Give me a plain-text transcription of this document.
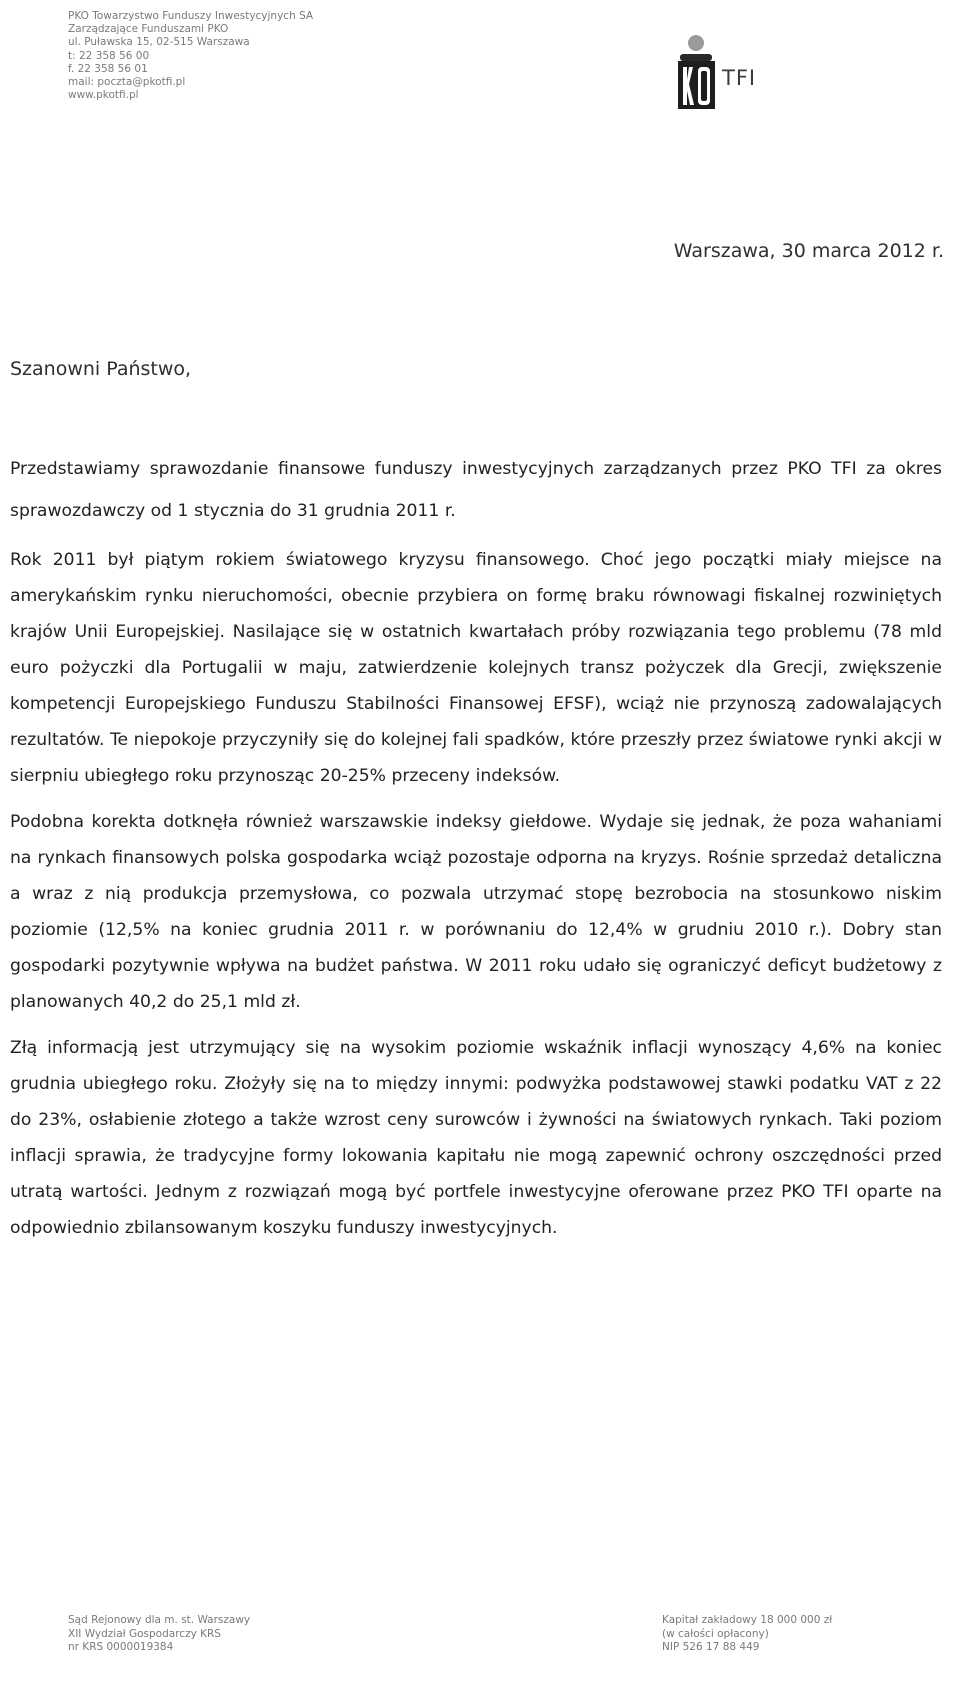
PKO Towarzystwo Funduszy Inwestycyjnych SA
Zarządzające Funduszami PKO
ul. Puławska 15, 02-515 Warszawa
t: 22 358 56 00
f. 22 358 56 01
mail: poczta@pkotfi.pl
www.pkotfi.pl
TFI
Warszawa, 30 marca 2012 r.
Szanowni Państwo,

Przedstawiamy sprawozdanie finansowe funduszy inwestycyjnych zarządzanych przez PKO TFI za okres sprawozdawczy od 1 stycznia do 31 grudnia 2011 r.

Rok 2011 był piątym rokiem światowego kryzysu finansowego. Choć jego początki miały miejsce na amerykańskim rynku nieruchomości, obecnie przybiera on formę braku równowagi fiskalnej rozwiniętych krajów Unii Europejskiej. Nasilające się w ostatnich kwartałach próby rozwiązania tego problemu (78 mld euro pożyczki dla Portugalii w maju, zatwierdzenie kolejnych transz pożyczek dla Grecji, zwiększenie kompetencji Europejskiego Funduszu Stabilności Finansowej EFSF), wciąż nie przynoszą zadowalających rezultatów. Te niepokoje przyczyniły się do kolejnej fali spadków, które przeszły przez światowe rynki akcji w sierpniu ubiegłego roku przynosząc 20-25% przeceny indeksów.

Podobna korekta dotknęła również warszawskie indeksy giełdowe. Wydaje się jednak, że poza wahaniami na rynkach finansowych polska gospodarka wciąż pozostaje odporna na kryzys. Rośnie sprzedaż detaliczna a wraz z nią produkcja przemysłowa, co pozwala utrzymać stopę bezrobocia na stosunkowo niskim poziomie (12,5% na koniec grudnia 2011 r. w porównaniu do 12,4% w grudniu 2010 r.). Dobry stan gospodarki pozytywnie wpływa na budżet państwa. W 2011 roku udało się ograniczyć deficyt budżetowy z planowanych 40,2 do 25,1 mld zł.

Złą informacją jest utrzymujący się na wysokim poziomie wskaźnik inflacji wynoszący 4,6% na koniec grudnia ubiegłego roku. Złożyły się na to między innymi: podwyżka podstawowej stawki podatku VAT z 22 do 23%, osłabienie złotego a także wzrost ceny surowców i żywności na światowych rynkach. Taki poziom inflacji sprawia, że tradycyjne formy lokowania kapitału nie mogą zapewnić ochrony oszczędności przed utratą wartości. Jednym z rozwiązań mogą być portfele inwestycyjne oferowane przez PKO TFI oparte na odpowiednio zbilansowanym koszyku funduszy inwestycyjnych.

Sąd Rejonowy dla m. st. Warszawy
XII Wydział Gospodarczy KRS
nr KRS 0000019384
Kapitał zakładowy 18 000 000 zł
(w całości opłacony)
NIP 526 17 88 449
